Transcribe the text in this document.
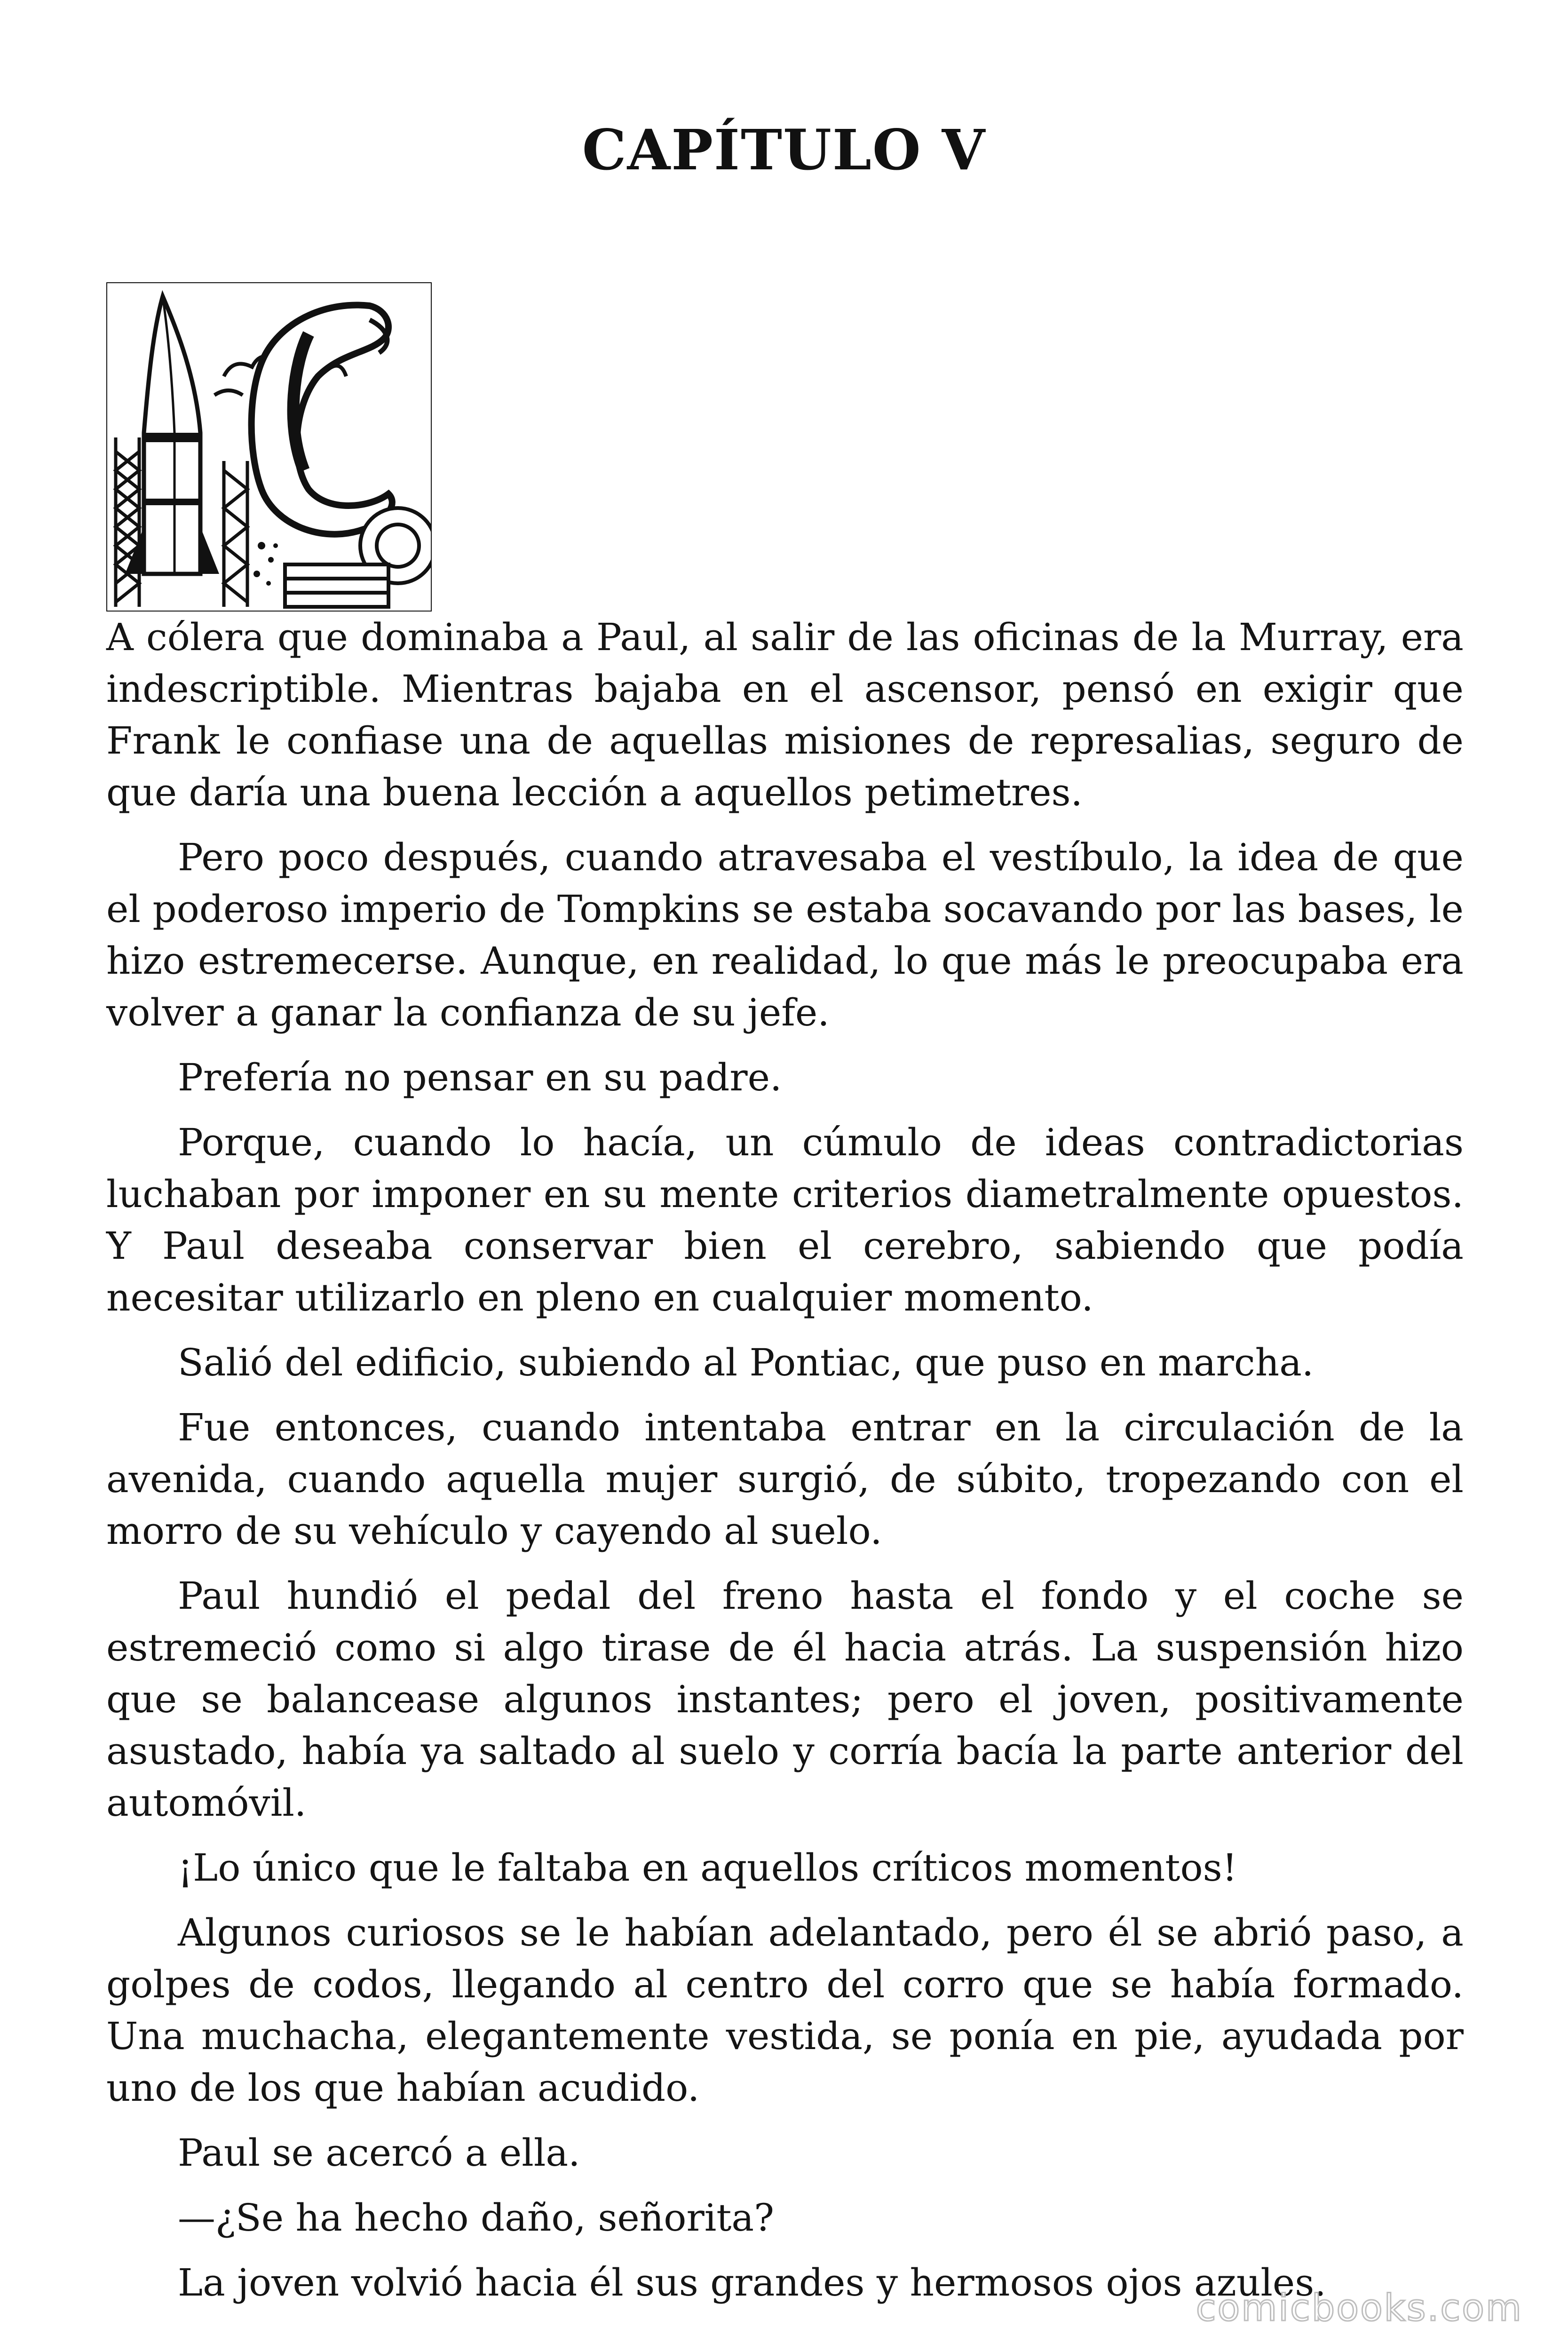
CAPÍTULO V

A cólera que dominaba a Paul, al salir de las oficinas de la Murray, era indescriptible. Mientras bajaba en el ascensor, pensó en exigir que Frank le confiase una de aquellas misiones de represalias, seguro de que daría una buena lección a aquellos petimetres.

Pero poco después, cuando atravesaba el vestíbulo, la idea de que el poderoso imperio de Tompkins se estaba socavando por las bases, le hizo estremecerse. Aunque, en realidad, lo que más le preocupaba era volver a ganar la confianza de su jefe.

Prefería no pensar en su padre.

Porque, cuando lo hacía, un cúmulo de ideas contradictorias luchaban por imponer en su mente criterios diametralmente opuestos. Y Paul deseaba conservar bien el cerebro, sabiendo que podía necesitar utilizarlo en pleno en cualquier momento.

Salió del edificio, subiendo al Pontiac, que puso en marcha.

Fue entonces, cuando intentaba entrar en la circulación de la avenida, cuando aquella mujer surgió, de súbito, tropezando con el morro de su vehículo y cayendo al suelo.

Paul hundió el pedal del freno hasta el fondo y el coche se estremeció como si algo tirase de él hacia atrás. La suspensión hizo que se balancease algunos instantes; pero el joven, positivamente asustado, había ya saltado al suelo y corría bacía la parte anterior del automóvil.

¡Lo único que le faltaba en aquellos críticos momentos!

Algunos curiosos se le habían adelantado, pero él se abrió paso, a golpes de codos, llegando al centro del corro que se había formado. Una muchacha, elegantemente vestida, se ponía en pie, ayudada por uno de los que habían acudido.

Paul se acercó a ella.

—¿Se ha hecho daño, señorita?

La joven volvió hacia él sus grandes y hermosos ojos azules.

comicbooks.com
